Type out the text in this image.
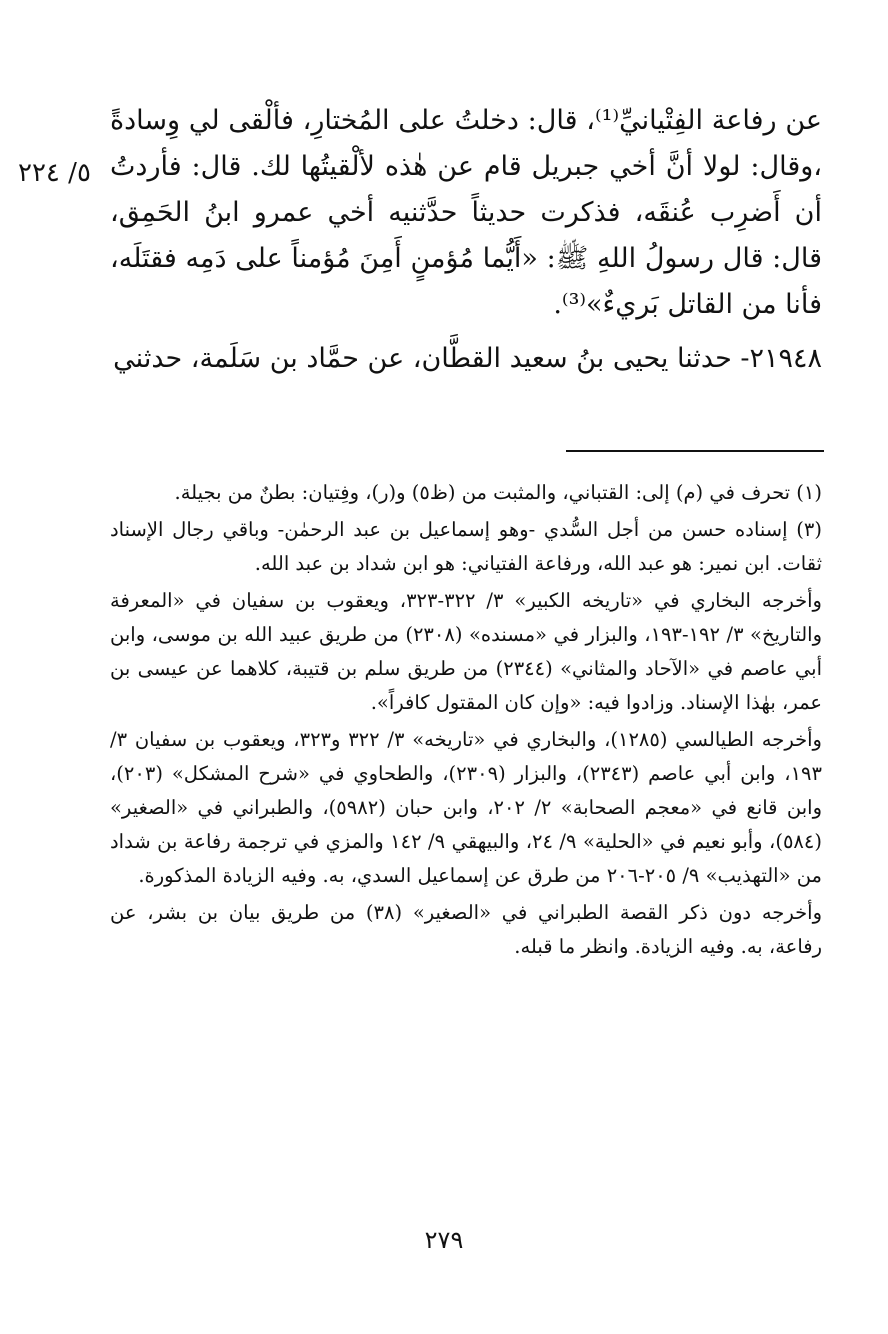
٥/ ٢٢٤

عن رفاعة الفِتْيانيِّ⁽¹⁾، قال: دخلتُ على المُختارِ، فألْقى لي وِسادةً ،وقال: لولا أنَّ أخي جبريل قام عن هٰذه لألْقيتُها لك. قال: فأردتُ أن أَضرِب عُنقَه، فذكرت حديثاً حدَّثنيه أخي عمرو ابنُ الحَمِق، قال: قال رسولُ اللهِ ﷺ: «أَيُّما مُؤمنٍ أَمِنَ مُؤمناً على دَمِه فقتَلَه، فأنا من القاتل بَريءٌ»⁽³⁾.

٢١٩٤٨- حدثنا يحيى بنُ سعيد القطَّان، عن حمَّاد بن سَلَمة، حدثني

(١) تحرف في (م) إلى: القتباني، والمثبت من (ظ٥) و(ر)، وفِتيان: بطنٌ من بجيلة.

(٣) إسناده حسن من أجل السُّدي -وهو إسماعيل بن عبد الرحمٰن- وباقي رجال الإسناد ثقات. ابن نمير: هو عبد الله، ورفاعة الفتياني: هو ابن شداد بن عبد الله.

وأخرجه البخاري في «تاريخه الكبير» ٣/ ٣٢٢-٣٢٣، ويعقوب بن سفيان في «المعرفة والتاريخ» ٣/ ١٩٢-١٩٣، والبزار في «مسنده» (٢٣٠٨) من طريق عبيد الله بن موسى، وابن أبي عاصم في «الآحاد والمثاني» (٢٣٤٤) من طريق سلم بن قتيبة، كلاهما عن عيسى بن عمر، بهٰذا الإسناد. وزادوا فيه: «وإن كان المقتول كافراً».

وأخرجه الطيالسي (١٢٨٥)، والبخاري في «تاريخه» ٣/ ٣٢٢ و٣٢٣، ويعقوب بن سفيان ٣/ ١٩٣، وابن أبي عاصم (٢٣٤٣)، والبزار (٢٣٠٩)، والطحاوي في «شرح المشكل» (٢٠٣)، وابن قانع في «معجم الصحابة» ٢/ ٢٠٢، وابن حبان (٥٩٨٢)، والطبراني في «الصغير» (٥٨٤)، وأبو نعيم في «الحلية» ٩/ ٢٤، والبيهقي ٩/ ١٤٢ والمزي في ترجمة رفاعة بن شداد من «التهذيب» ٩/ ٢٠٥-٢٠٦ من طرق عن إسماعيل السدي، به. وفيه الزيادة المذكورة.

وأخرجه دون ذكر القصة الطبراني في «الصغير» (٣٨) من طريق بيان بن بشر، عن رفاعة، به. وفيه الزيادة. وانظر ما قبله.

٢٧٩
